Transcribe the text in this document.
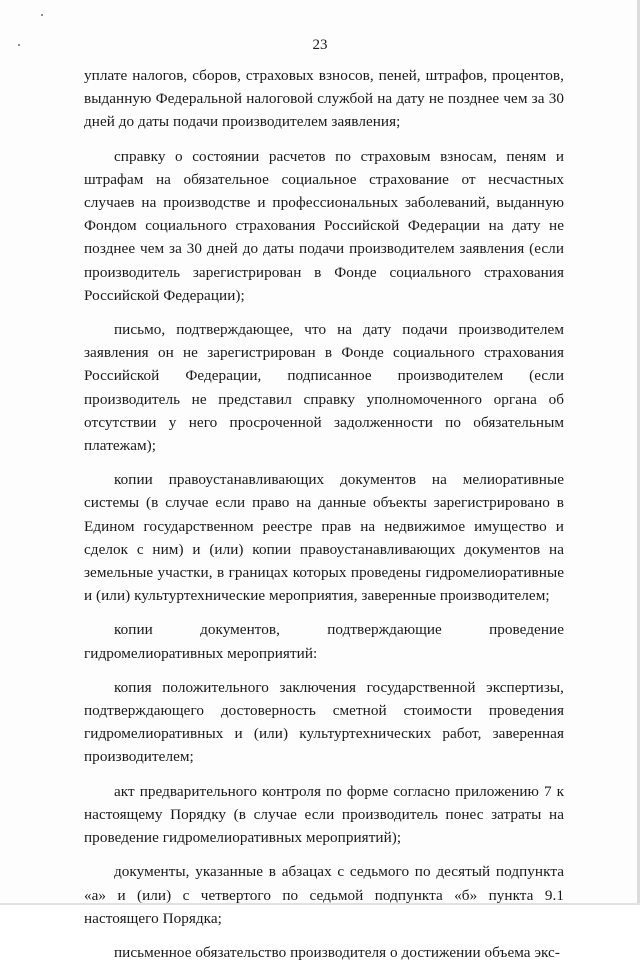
23

уплате налогов, сборов, страховых взносов, пеней, штрафов, процентов, выданную Федеральной налоговой службой на дату не позднее чем за 30 дней до даты подачи производителем заявления;

справку о состоянии расчетов по страховым взносам, пеням и штрафам на обязательное социальное страхование от несчастных случаев на производстве и профессиональных заболеваний, выданную Фондом социального страхования Российской Федерации на дату не позднее чем за 30 дней до даты подачи производителем заявления (если производитель зарегистрирован в Фонде социального страхования Российской Федерации);

письмо, подтверждающее, что на дату подачи производителем заявления он не зарегистрирован в Фонде социального страхования Российской Федерации, подписанное производителем (если производитель не представил справку уполномоченного органа об отсутствии у него просроченной задолженности по обязательным платежам);

копии правоустанавливающих документов на мелиоративные системы (в случае если право на данные объекты зарегистрировано в Едином государственном реестре прав на недвижимое имущество и сделок с ним) и (или) копии правоустанавливающих документов на земельные участки, в границах которых проведены гидромелиоративные и (или) культуртехнические мероприятия, заверенные производителем;

копии документов, подтверждающие проведение гидромелиоративных мероприятий:

копия положительного заключения государственной экспертизы, подтверждающего достоверность сметной стоимости проведения гидромелиоративных и (или) культуртехнических работ, заверенная производителем;

акт предварительного контроля по форме согласно приложению 7 к настоящему Порядку (в случае если производитель понес затраты на проведение гидромелиоративных мероприятий);

документы, указанные в абзацах с седьмого по десятый подпункта «а» и (или) с четвертого по седьмой подпункта «б» пункта 9.1 настоящего Порядка;

письменное обязательство производителя о достижении объема экс-
